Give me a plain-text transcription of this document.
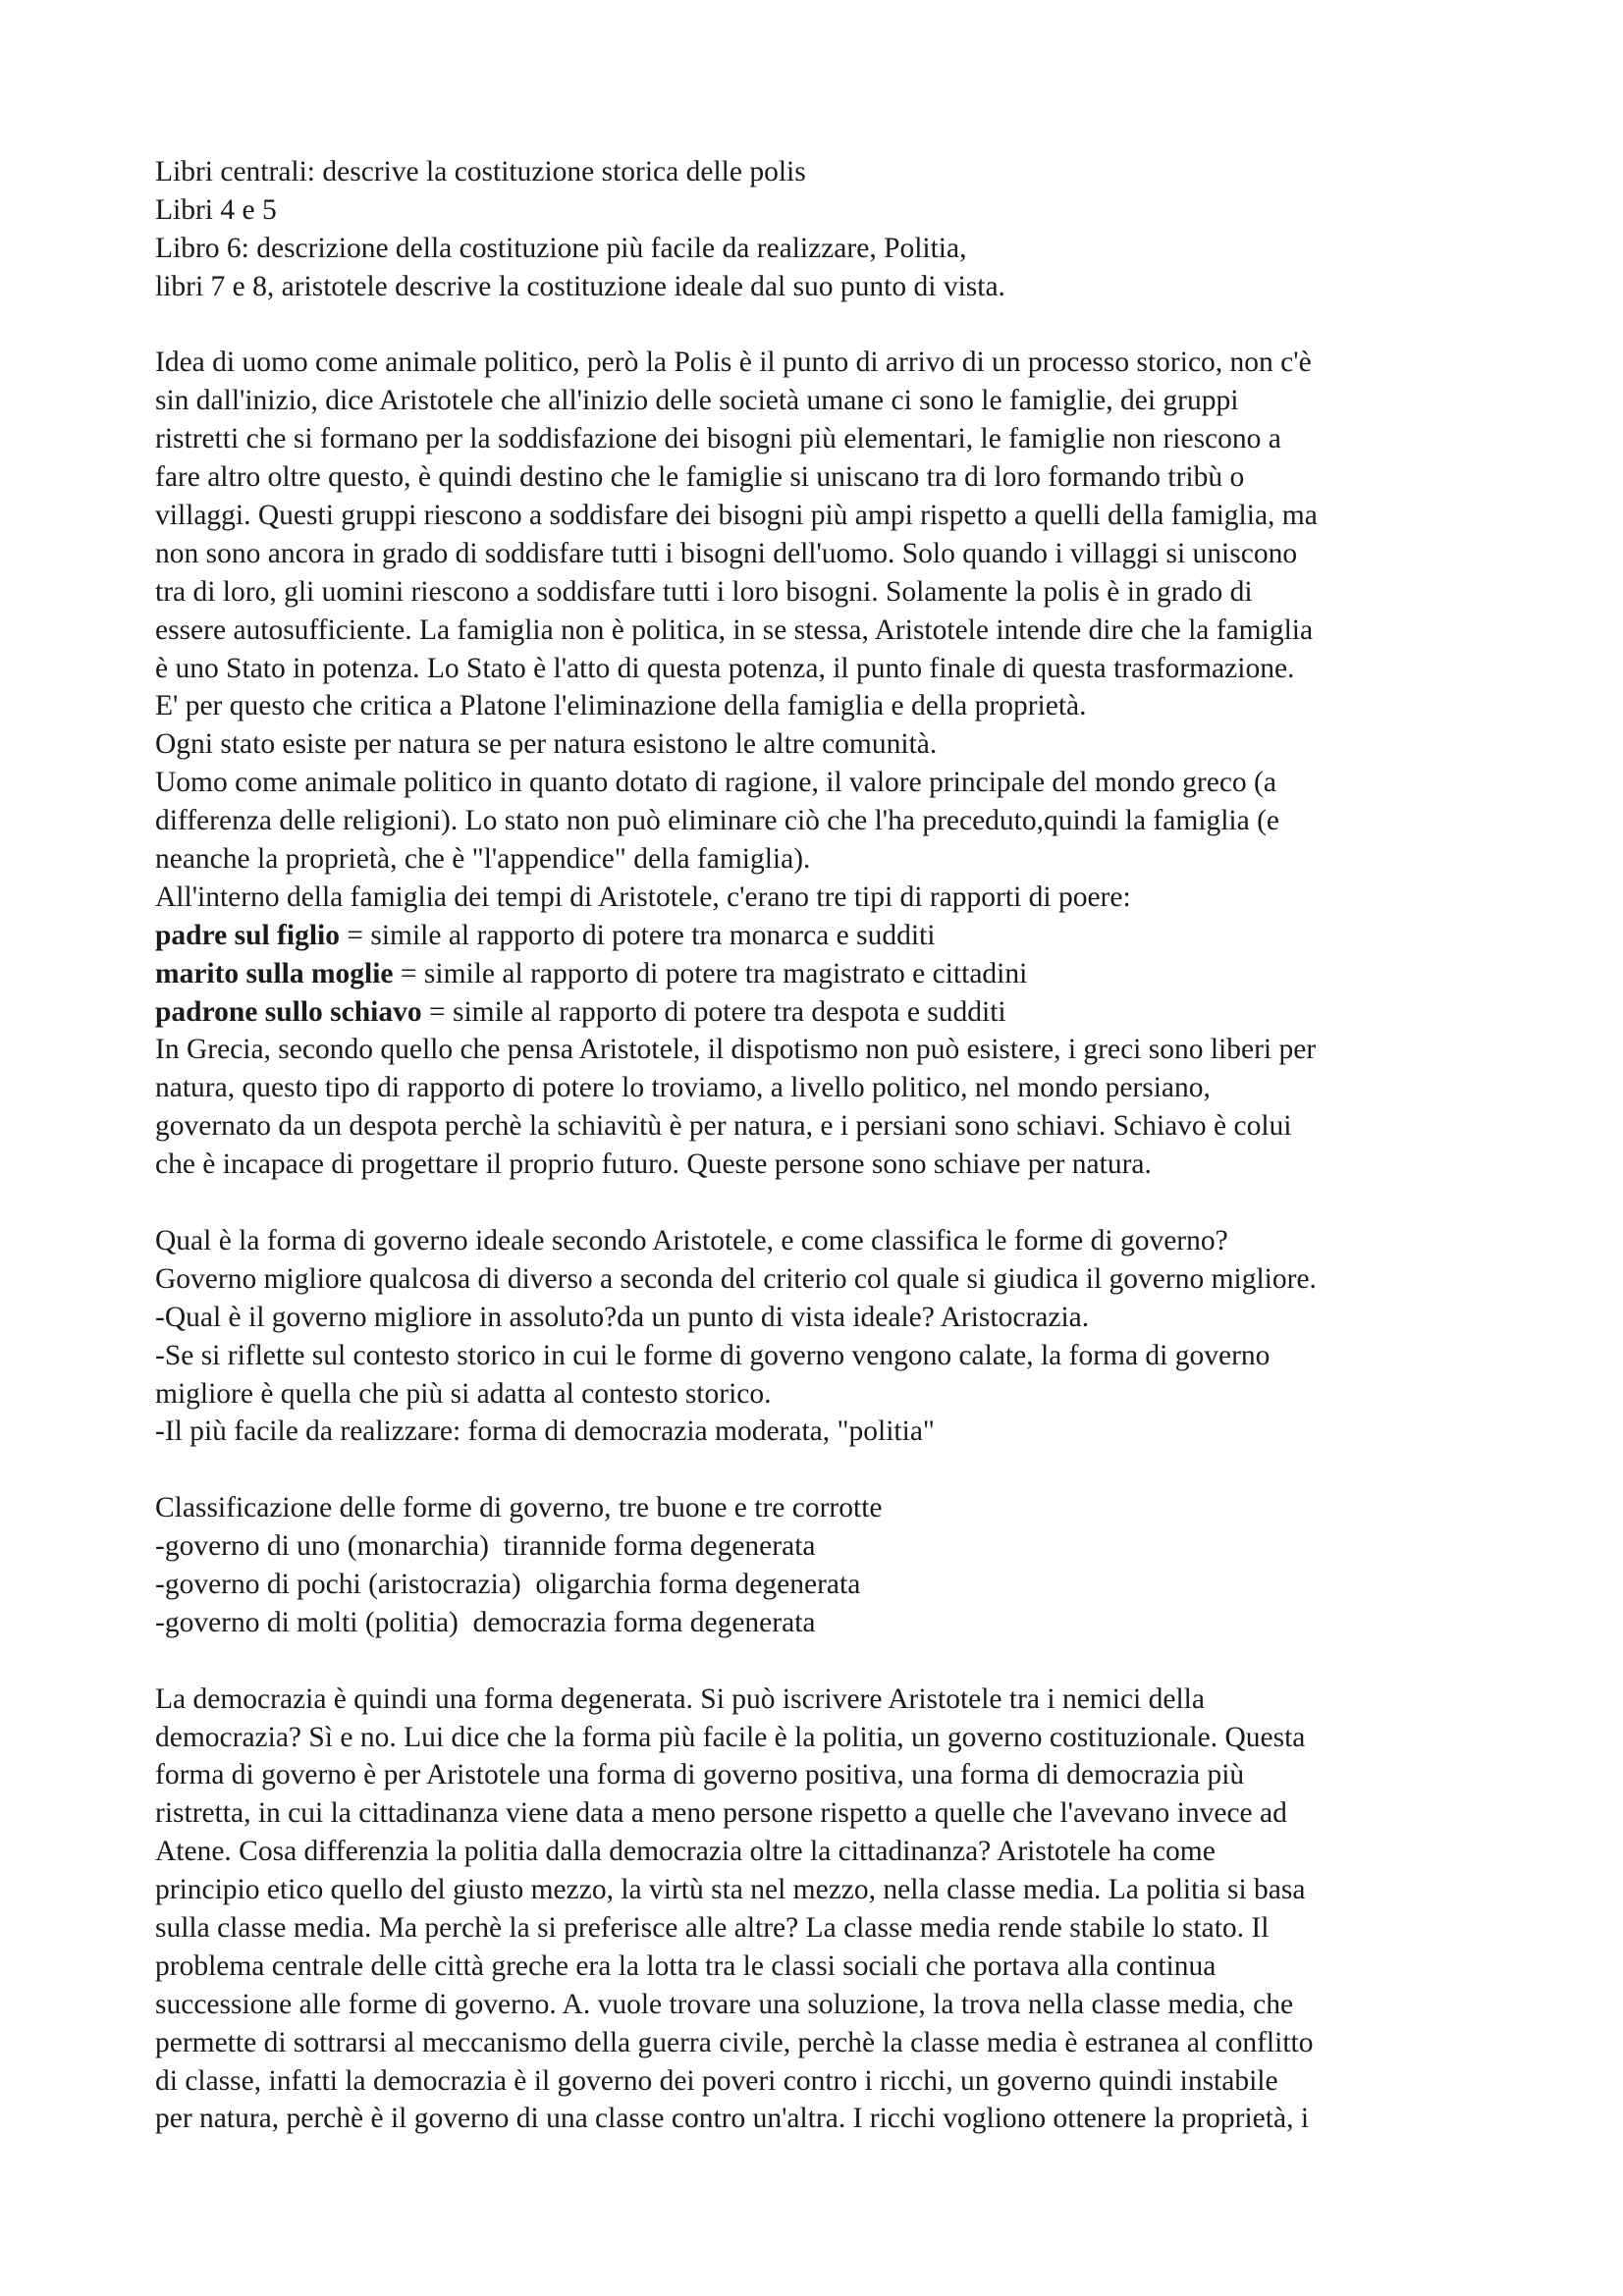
Libri centrali: descrive la costituzione storica delle polis
Libri 4 e 5
Libro 6: descrizione della costituzione più facile da realizzare, Politia,
libri 7 e 8, aristotele descrive la costituzione ideale dal suo punto di vista.
Idea di uomo come animale politico, però la Polis è il punto di arrivo di un processo storico, non c'è
sin dall'inizio, dice Aristotele che all'inizio delle società umane ci sono le famiglie, dei gruppi
ristretti che si formano per la soddisfazione dei bisogni più elementari, le famiglie non riescono a
fare altro oltre questo, è quindi destino che le famiglie si uniscano tra di loro formando tribù o
villaggi. Questi gruppi riescono a soddisfare dei bisogni più ampi rispetto a quelli della famiglia, ma
non sono ancora in grado di soddisfare tutti i bisogni dell'uomo. Solo quando i villaggi si uniscono
tra di loro, gli uomini riescono a soddisfare tutti i loro bisogni. Solamente la polis è in grado di
essere autosufficiente. La famiglia non è politica, in se stessa, Aristotele intende dire che la famiglia
è uno Stato in potenza. Lo Stato è l'atto di questa potenza, il punto finale di questa trasformazione.
E' per questo che critica a Platone l'eliminazione della famiglia e della proprietà.
Ogni stato esiste per natura se per natura esistono le altre comunità.
Uomo come animale politico in quanto dotato di ragione, il valore principale del mondo greco (a
differenza delle religioni). Lo stato non può eliminare ciò che l'ha preceduto,quindi la famiglia (e
neanche la proprietà, che è "l'appendice" della famiglia).
All'interno della famiglia dei tempi di Aristotele, c'erano tre tipi di rapporti di poere:
padre sul figlio = simile al rapporto di potere tra monarca e sudditi
marito sulla moglie = simile al rapporto di potere tra magistrato e cittadini
padrone sullo schiavo = simile al rapporto di potere tra despota e sudditi
In Grecia, secondo quello che pensa Aristotele, il dispotismo non può esistere, i greci sono liberi per
natura, questo tipo di rapporto di potere lo troviamo, a livello politico, nel mondo persiano,
governato da un despota perchè la schiavitù è per natura, e i persiani sono schiavi. Schiavo è colui
che è incapace di progettare il proprio futuro. Queste persone sono schiave per natura.
Qual è la forma di governo ideale secondo Aristotele, e come classifica le forme di governo?
Governo migliore qualcosa di diverso a seconda del criterio col quale si giudica il governo migliore.
-Qual è il governo migliore in assoluto?da un punto di vista ideale? Aristocrazia.
-Se si riflette sul contesto storico in cui le forme di governo vengono calate, la forma di governo
migliore è quella che più si adatta al contesto storico.
-Il più facile da realizzare: forma di democrazia moderata, "politia"
Classificazione delle forme di governo, tre buone e tre corrotte
-governo di uno (monarchia)  tirannide forma degenerata
-governo di pochi (aristocrazia)  oligarchia forma degenerata
-governo di molti (politia)  democrazia forma degenerata
La democrazia è quindi una forma degenerata. Si può iscrivere Aristotele tra i nemici della
democrazia? Sì e no. Lui dice che la forma più facile è la politia, un governo costituzionale. Questa
forma di governo è per Aristotele una forma di governo positiva, una forma di democrazia più
ristretta, in cui la cittadinanza viene data a meno persone rispetto a quelle che l'avevano invece ad
Atene. Cosa differenzia la politia dalla democrazia oltre la cittadinanza? Aristotele ha come
principio etico quello del giusto mezzo, la virtù sta nel mezzo, nella classe media. La politia si basa
sulla classe media. Ma perchè la si preferisce alle altre? La classe media rende stabile lo stato. Il
problema centrale delle città greche era la lotta tra le classi sociali che portava alla continua
successione alle forme di governo. A. vuole trovare una soluzione, la trova nella classe media, che
permette di sottrarsi al meccanismo della guerra civile, perchè la classe media è estranea al conflitto
di classe, infatti la democrazia è il governo dei poveri contro i ricchi, un governo quindi instabile
per natura, perchè è il governo di una classe contro un'altra. I ricchi vogliono ottenere la proprietà, i
